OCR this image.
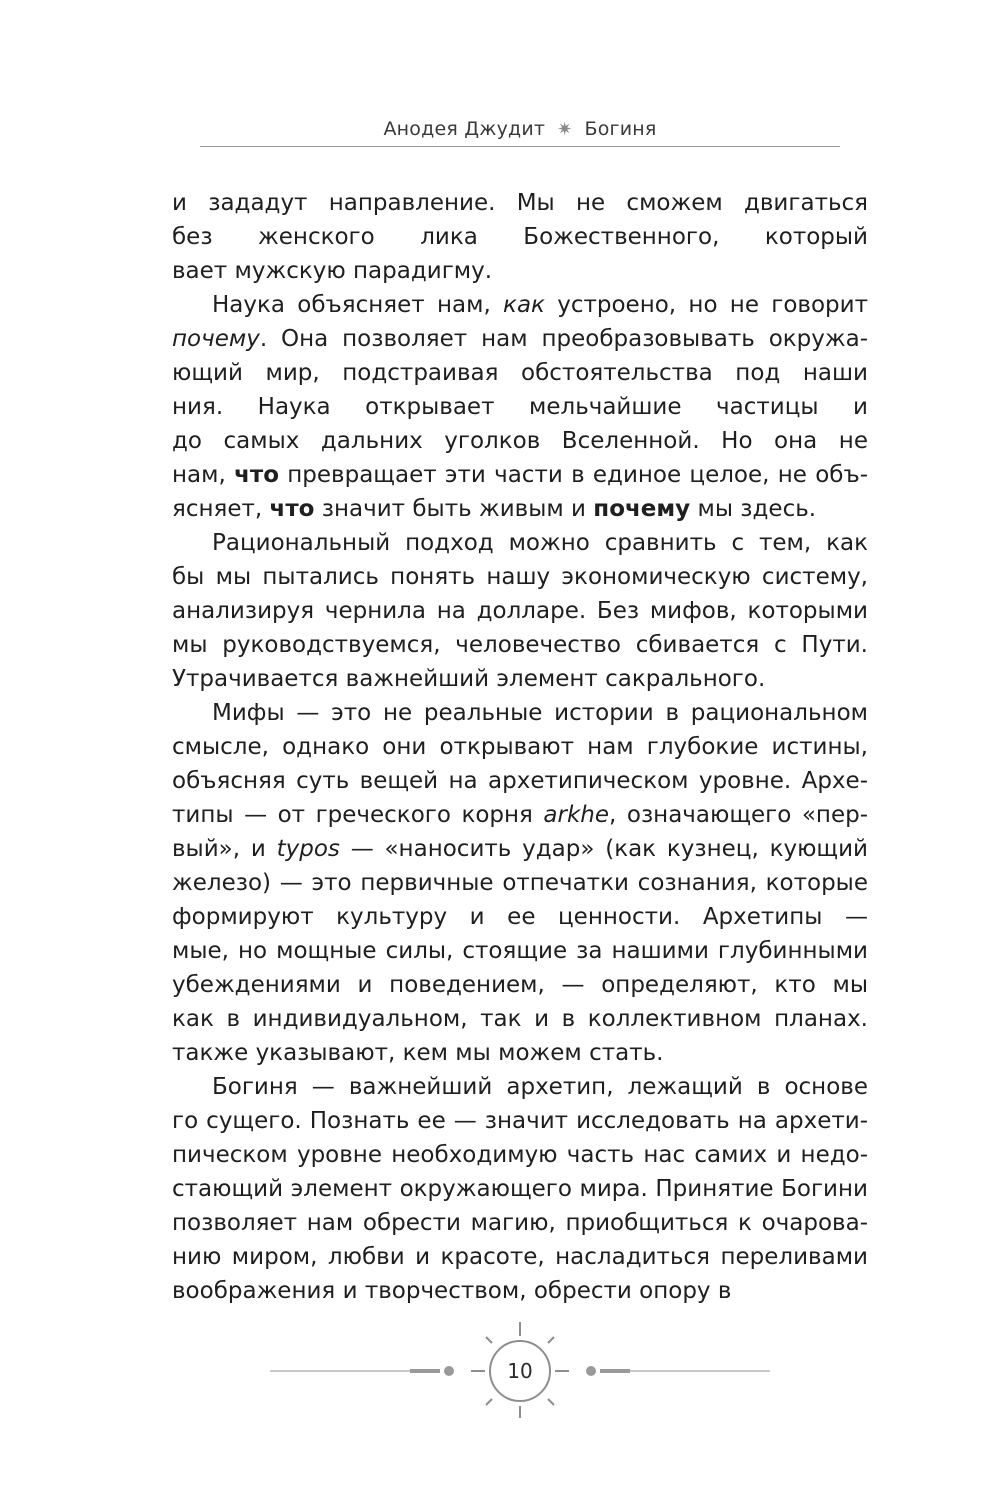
Анодея Джудит ✷ Богиня
и зададут направление. Мы не сможем двигаться
без женского лика Божественного, который
вает мужскую парадигму.
Наука объясняет нам, как устроено, но не говорит
почему. Она позволяет нам преобразовывать окружа-
ющий мир, подстраивая обстоятельства под наши
ния. Наука открывает мельчайшие частицы и
до самых дальних уголков Вселенной. Но она не
нам, что превращает эти части в единое целое, не объ-
ясняет, что значит быть живым и почему мы здесь.
Рациональный подход можно сравнить с тем, как
бы мы пытались понять нашу экономическую систему,
анализируя чернила на долларе. Без мифов, которыми
мы руководствуемся, человечество сбивается с Пути.
Утрачивается важнейший элемент сакрального.
Мифы — это не реальные истории в рациональном
смысле, однако они открывают нам глубокие истины,
объясняя суть вещей на архетипическом уровне. Архе-
типы — от греческого корня arkhe, означающего «пер-
вый», и typos — «наносить удар» (как кузнец, кующий
железо) — это первичные отпечатки сознания, которые
формируют культуру и ее ценности. Архетипы —
мые, но мощные силы, стоящие за нашими глубинными
убеждениями и поведением, — определяют, кто мы
как в индивидуальном, так и в коллективном планах.
также указывают, кем мы можем стать.
Богиня — важнейший архетип, лежащий в основе
го сущего. Познать ее — значит исследовать на архети-
пическом уровне необходимую часть нас самих и недо-
стающий элемент окружающего мира. Принятие Богини
позволяет нам обрести магию, приобщиться к очарова-
нию миром, любви и красоте, насладиться переливами
воображения и творчеством, обрести опору в
10
